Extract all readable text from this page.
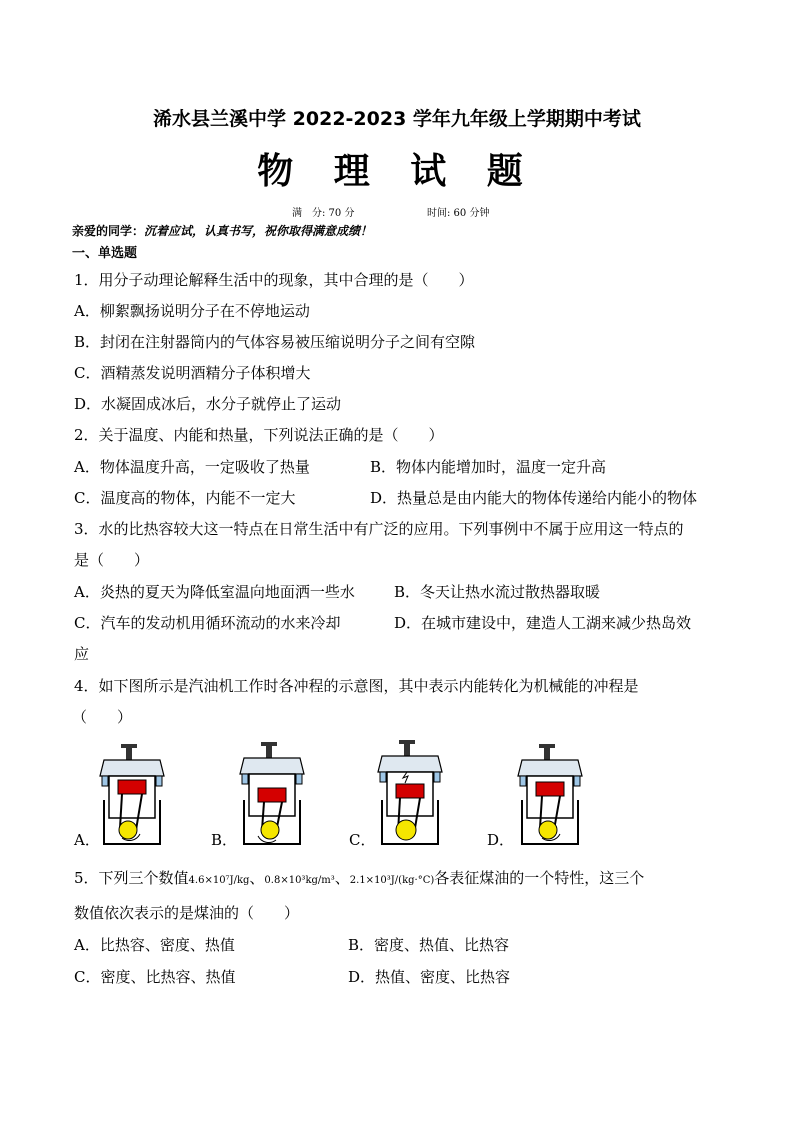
浠水县兰溪中学 2022-2023 学年九年级上学期期中考试
物 理 试 题
满　分: 70 分	时间: 60 分钟
亲爱的同学：沉着应试，认真书写，祝你取得满意成绩！
一、单选题
1．用分子动理论解释生活中的现象，其中合理的是（　　）
A．柳絮飘扬说明分子在不停地运动
B．封闭在注射器筒内的气体容易被压缩说明分子之间有空隙
C．酒精蒸发说明酒精分子体积增大
D．水凝固成冰后，水分子就停止了运动
2．关于温度、内能和热量，下列说法正确的是（　　）
A．物体温度升高，一定吸收了热量	B．物体内能增加时，温度一定升高
C．温度高的物体，内能不一定大	D．热量总是由内能大的物体传递给内能小的物体
3．水的比热容较大这一特点在日常生活中有广泛的应用。下列事例中不属于应用这一特点的
是（　　）
A．炎热的夏天为降低室温向地面洒一些水	B．冬天让热水流过散热器取暖
C．汽车的发动机用循环流动的水来冷却	D．在城市建设中，建造人工湖来减少热岛效
应
4．如下图所示是汽油机工作时各冲程的示意图，其中表示内能转化为机械能的冲程是
（　　）
A．	B．	C．	D．
5．下列三个数值4.6×10⁷J/kg、0.8×10³kg/m³、2.1×10³J/(kg·°C)各表征煤油的一个特性，这三个
数值依次表示的是煤油的（　　）
A．比热容、密度、热值	B．密度、热值、比热容
C．密度、比热容、热值	D．热值、密度、比热容
